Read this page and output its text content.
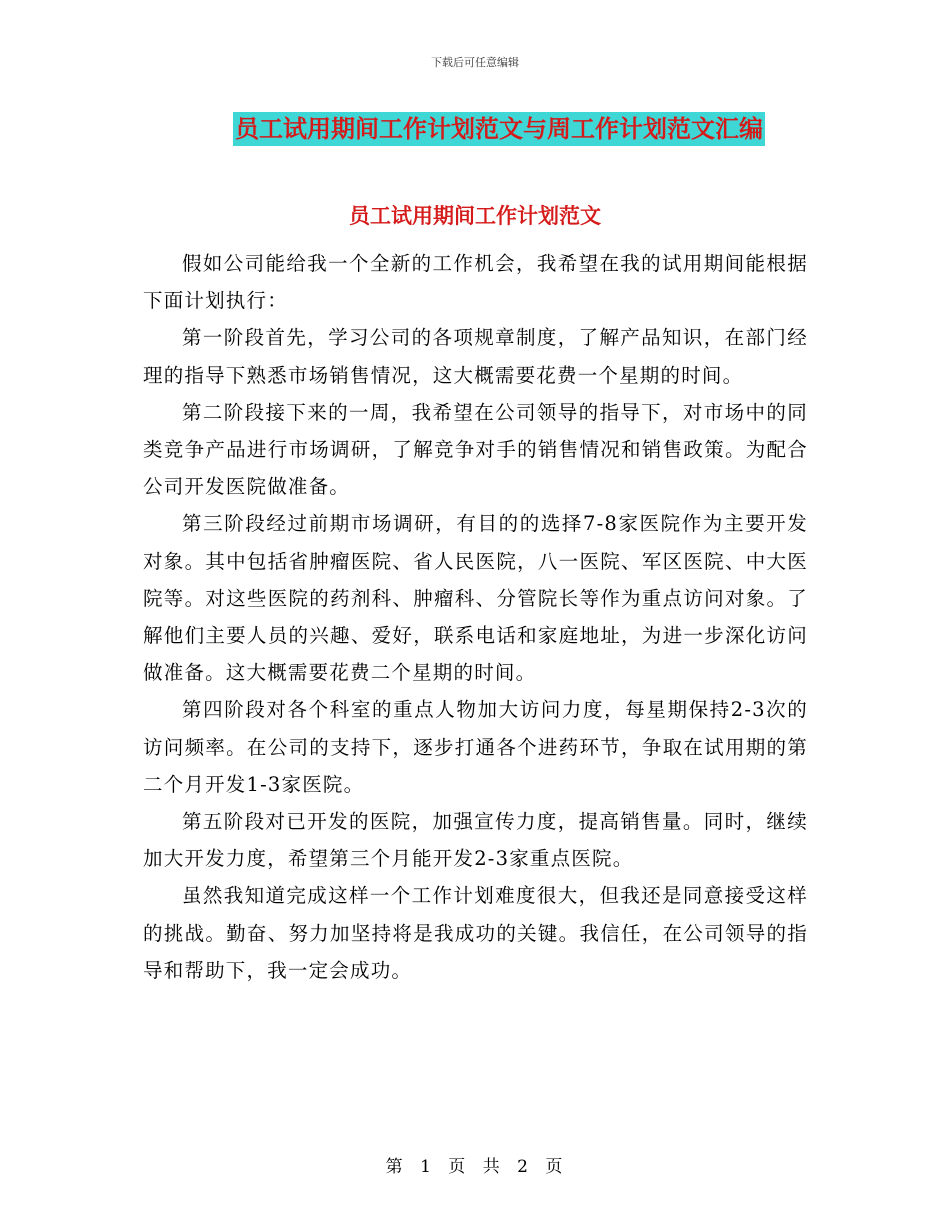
下载后可任意编辑
员工试用期间工作计划范文与周工作计划范文汇编
员工试用期间工作计划范文

假如公司能给我一个全新的工作机会，我希望在我的试用期间能根据下面计划执行：

第一阶段首先，学习公司的各项规章制度，了解产品知识，在部门经理的指导下熟悉市场销售情况，这大概需要花费一个星期的时间。

第二阶段接下来的一周，我希望在公司领导的指导下，对市场中的同类竞争产品进行市场调研，了解竞争对手的销售情况和销售政策。为配合公司开发医院做准备。

第三阶段经过前期市场调研，有目的的选择7-8家医院作为主要开发对象。其中包括省肿瘤医院、省人民医院，八一医院、军区医院、中大医院等。对这些医院的药剂科、肿瘤科、分管院长等作为重点访问对象。了解他们主要人员的兴趣、爱好，联系电话和家庭地址，为进一步深化访问做准备。这大概需要花费二个星期的时间。

第四阶段对各个科室的重点人物加大访问力度，每星期保持2-3次的访问频率。在公司的支持下，逐步打通各个进药环节，争取在试用期的第二个月开发1-3家医院。

第五阶段对已开发的医院，加强宣传力度，提高销售量。同时，继续加大开发力度，希望第三个月能开发2-3家重点医院。

虽然我知道完成这样一个工作计划难度很大，但我还是同意接受这样的挑战。勤奋、努力加坚持将是我成功的关键。我信任，在公司领导的指导和帮助下，我一定会成功。

第 1 页 共 2 页
